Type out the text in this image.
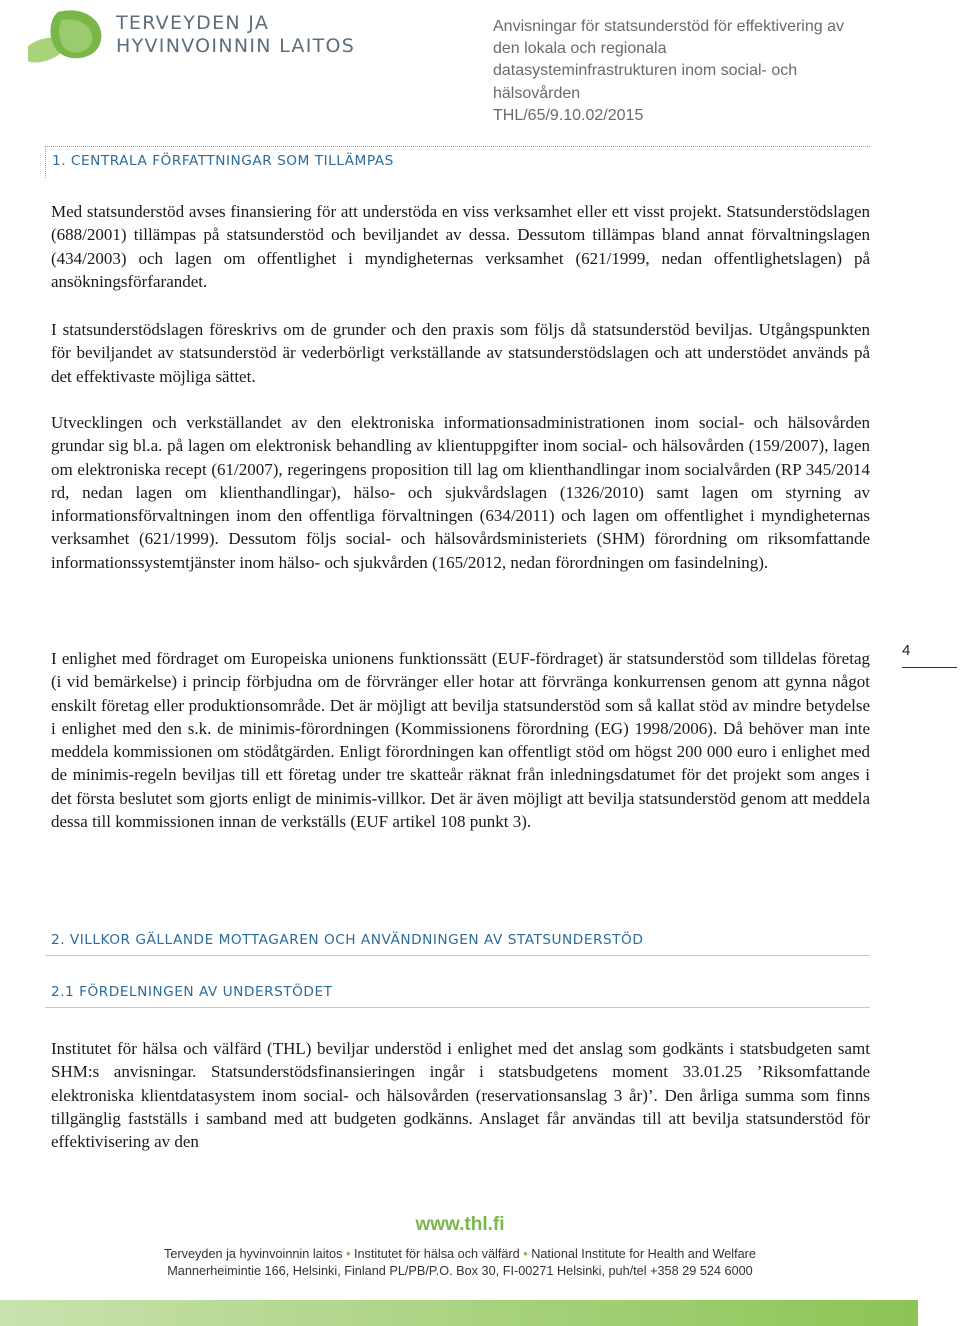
TERVEYDEN JA
HYVINVOINNIN LAITOS
Anvisningar för statsunderstöd för effektivering av
den lokala och regionala
datasysteminfrastrukturen inom social- och
hälsovården
THL/65/9.10.02/2015
1. CENTRALA FÖRFATTNINGAR SOM TILLÄMPAS

Med statsunderstöd avses finansiering för att understöda en viss verksamhet eller ett visst projekt. Statsunderstödslagen (688/2001) tillämpas på statsunderstöd och beviljandet av dessa. Dessutom tillämpas bland annat förvaltningslagen (434/2003) och lagen om offentlighet i myndigheternas verksamhet (621/1999, nedan offentlighetslagen) på ansökningsförfarandet.

I statsunderstödslagen föreskrivs om de grunder och den praxis som följs då statsunderstöd beviljas. Utgångspunkten för beviljandet av statsunderstöd är vederbörligt verkställande av statsunderstödslagen och att understödet används på det effektivaste möjliga sättet.

Utvecklingen och verkställandet av den elektroniska informationsadministrationen inom social- och hälsovården grundar sig bl.a. på lagen om elektronisk behandling av klientuppgifter inom social- och hälsovården (159/2007), lagen om elektroniska recept (61/2007), regeringens proposition till lag om klienthandlingar inom socialvården (RP 345/2014 rd, nedan lagen om klienthandlingar), hälso- och sjukvårdslagen (1326/2010) samt lagen om styrning av informationsförvaltningen inom den offentliga förvaltningen (634/2011) och lagen om offentlighet i myndigheternas verksamhet (621/1999). Dessutom följs social- och hälsovårdsministeriets (SHM) förordning om riksomfattande informationssystemtjänster inom hälso- och sjukvården (165/2012, nedan förordningen om fasindelning).

I enlighet med fördraget om Europeiska unionens funktionssätt (EUF-fördraget) är statsunderstöd som tilldelas företag (i vid bemärkelse) i princip förbjudna om de förvränger eller hotar att förvränga konkurrensen genom att gynna något enskilt företag eller produktionsområde. Det är möjligt att bevilja statsunderstöd som så kallat stöd av mindre betydelse i enlighet med den s.k. de minimis-förordningen (Kommissionens förordning (EG) 1998/2006). Då behöver man inte meddela kommissionen om stödåtgärden. Enligt förordningen kan offentligt stöd om högst 200 000 euro i enlighet med de minimis-regeln beviljas till ett företag under tre skatteår räknat från inledningsdatumet för det projekt som anges i det första beslutet som gjorts enligt de minimis-villkor. Det är även möjligt att bevilja statsunderstöd genom att meddela dessa till kommissionen innan de verkställs (EUF artikel 108 punkt 3).

4
2. VILLKOR GÄLLANDE MOTTAGAREN OCH ANVÄNDNINGEN AV STATSUNDERSTÖD
2.1 FÖRDELNINGEN AV UNDERSTÖDET

Institutet för hälsa och välfärd (THL) beviljar understöd i enlighet med det anslag som godkänts i statsbudgeten samt SHM:s anvisningar. Statsunderstödsfinansieringen ingår i statsbudgetens moment 33.01.25 ’Riksomfattande elektroniska klientdatasystem inom social- och hälsovården (reservationsanslag 3 år)’. Den årliga summa som finns tillgänglig fastställs i samband med att budgeten godkänns. Anslaget får användas till att bevilja statsunderstöd för effektivisering av den

www.thl.fi
Terveyden ja hyvinvoinnin laitos • Institutet för hälsa och välfärd • National Institute for Health and Welfare
Mannerheimintie 166, Helsinki, Finland PL/PB/P.O. Box 30, FI-00271 Helsinki, puh/tel +358 29 524 6000
